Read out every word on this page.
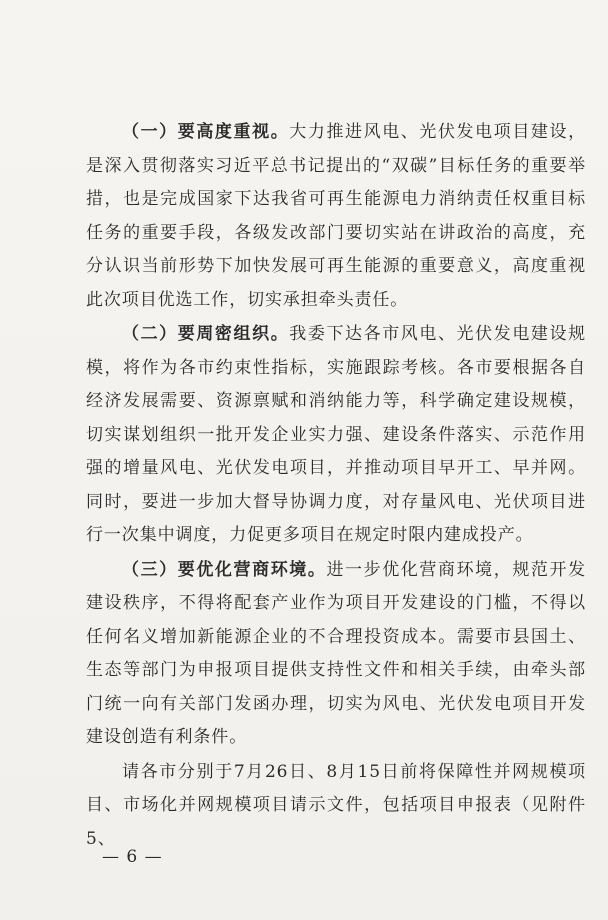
（一）要高度重视。大力推进风电、光伏发电项目建设，是深入贯彻落实习近平总书记提出的“双碳”目标任务的重要举措，也是完成国家下达我省可再生能源电力消纳责任权重目标任务的重要手段，各级发改部门要切实站在讲政治的高度，充分认识当前形势下加快发展可再生能源的重要意义，高度重视此次项目优选工作，切实承担牵头责任。

（二）要周密组织。我委下达各市风电、光伏发电建设规模，将作为各市约束性指标，实施跟踪考核。各市要根据各自经济发展需要、资源禀赋和消纳能力等，科学确定建设规模，切实谋划组织一批开发企业实力强、建设条件落实、示范作用强的增量风电、光伏发电项目，并推动项目早开工、早并网。同时，要进一步加大督导协调力度，对存量风电、光伏项目进行一次集中调度，力促更多项目在规定时限内建成投产。

（三）要优化营商环境。进一步优化营商环境，规范开发建设秩序，不得将配套产业作为项目开发建设的门槛，不得以任何名义增加新能源企业的不合理投资成本。需要市县国土、生态等部门为申报项目提供支持性文件和相关手续，由牵头部门统一向有关部门发函办理，切实为风电、光伏发电项目开发建设创造有利条件。

请各市分别于7月26日、8月15日前将保障性并网规模项目、市场化并网规模项目请示文件，包括项目申报表（见附件5、

— 6 —
